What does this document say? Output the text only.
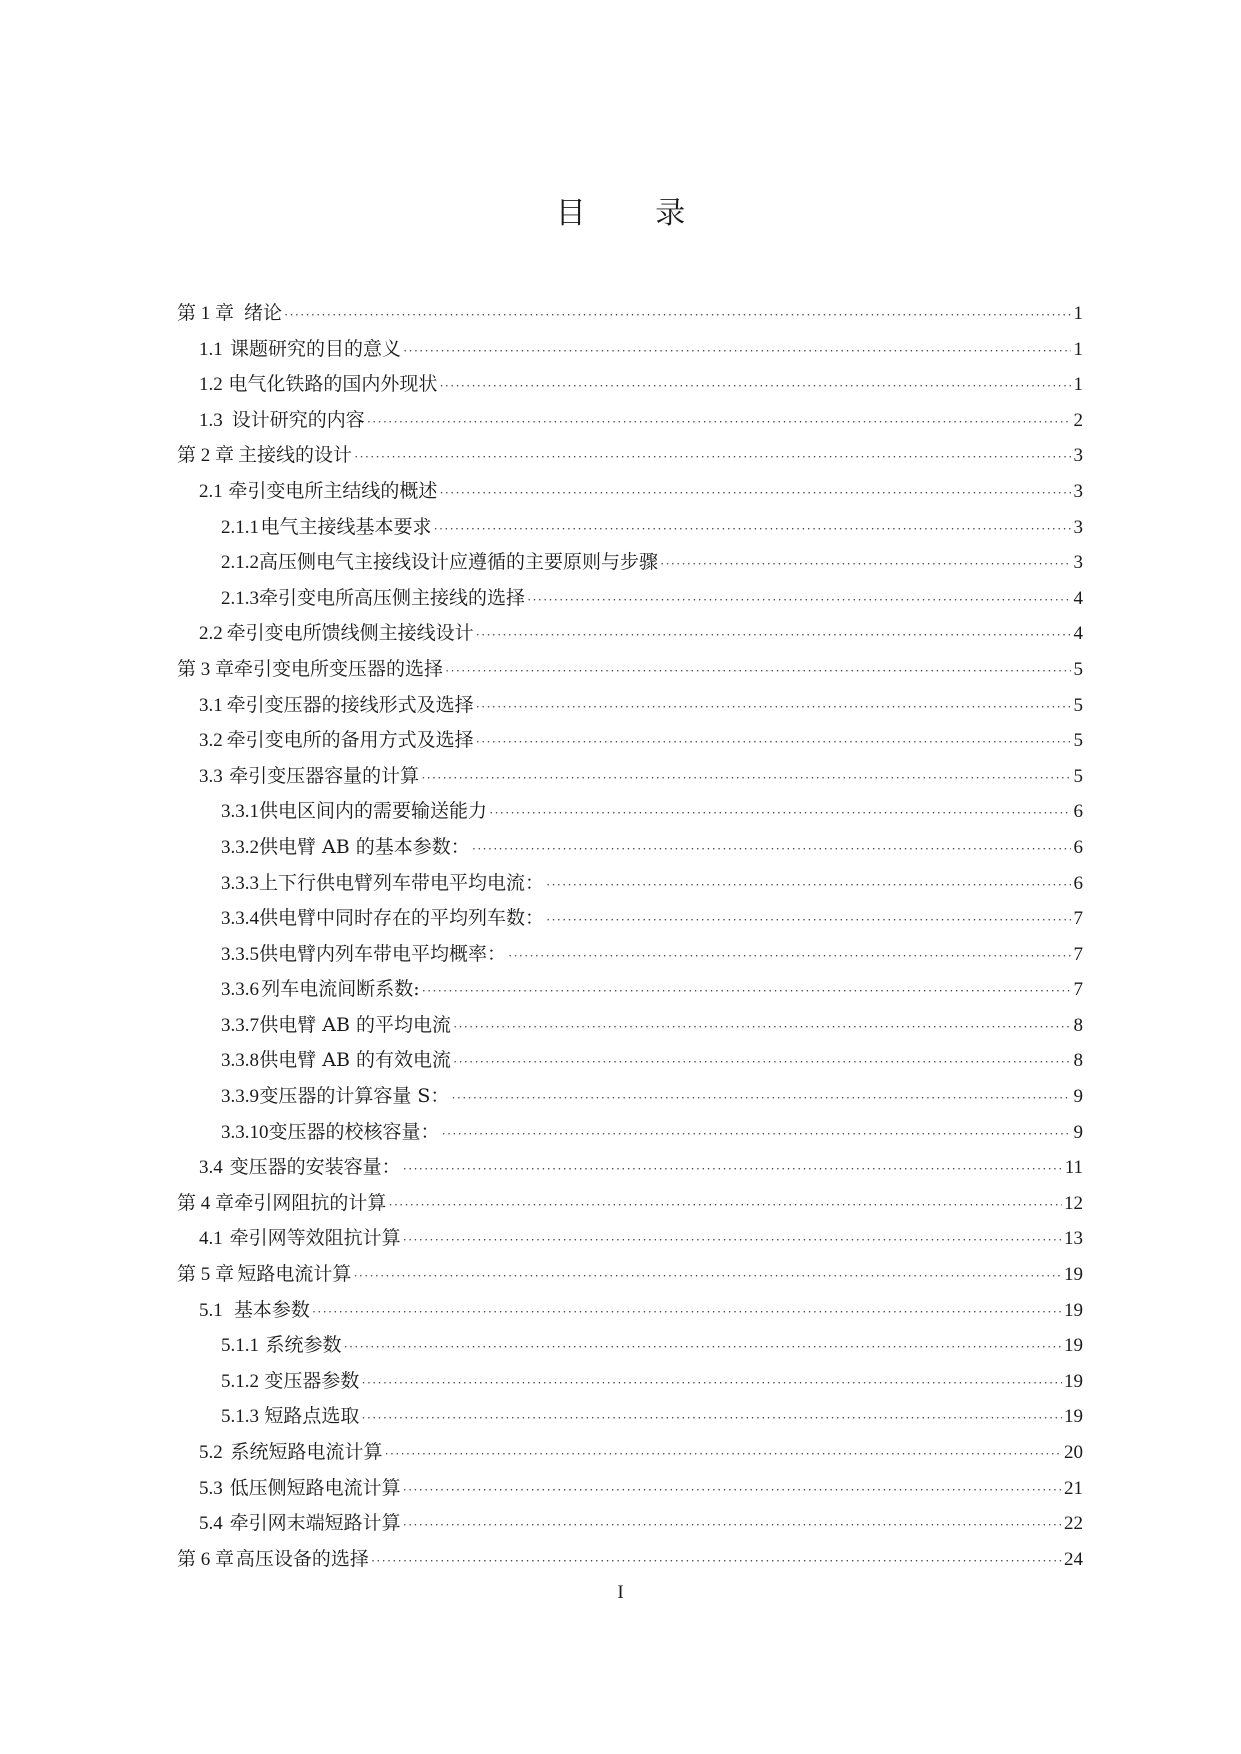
目 录
第 1 章 绪论 ·····	1
1.1 课题研究的目的意义 ·····	1
1.2 电气化铁路的国内外现状 ·····	1
1.3 设计研究的内容 ·····	2
第 2 章 主接线的设计 ·····	3
2.1 牵引变电所主结线的概述 ·····	3
2.1.1 电气主接线基本要求 ·····	3
2.1.2 高压侧电气主接线设计应遵循的主要原则与步骤 ·····	3
2.1.3 牵引变电所高压侧主接线的选择 ·····	4
2.2 牵引变电所馈线侧主接线设计 ·····	4
第 3 章 牵引变电所变压器的选择 ·····	5
3.1 牵引变压器的接线形式及选择 ·····	5
3.2 牵引变电所的备用方式及选择 ·····	5
3.3 牵引变压器容量的计算 ·····	5
3.3.1 供电区间内的需要输送能力 ·····	6
3.3.2 供电臂 AB 的基本参数： ·····	6
3.3.3 上下行供电臂列车带电平均电流： ·····	6
3.3.4 供电臂中同时存在的平均列车数： ·····	7
3.3.5 供电臂内列车带电平均概率： ·····	7
3.3.6 列车电流间断系数: ·····	7
3.3.7 供电臂 AB 的平均电流 ·····	8
3.3.8 供电臂 AB 的有效电流 ·····	8
3.3.9 变压器的计算容量 S： ·····	9
3.3.10 变压器的校核容量： ·····	9
3.4 变压器的安装容量： ·····	11
第 4 章 牵引网阻抗的计算 ·····	12
4.1 牵引网等效阻抗计算 ·····	13
第 5 章 短路电流计算 ·····	19
5.1 基本参数 ·····	19
5.1.1 系统参数 ·····	19
5.1.2 变压器参数 ·····	19
5.1.3 短路点选取 ·····	19
5.2 系统短路电流计算 ·····	20
5.3 低压侧短路电流计算 ·····	21
5.4 牵引网末端短路计算 ·····	22
第 6 章 高压设备的选择 ·····	24
I
